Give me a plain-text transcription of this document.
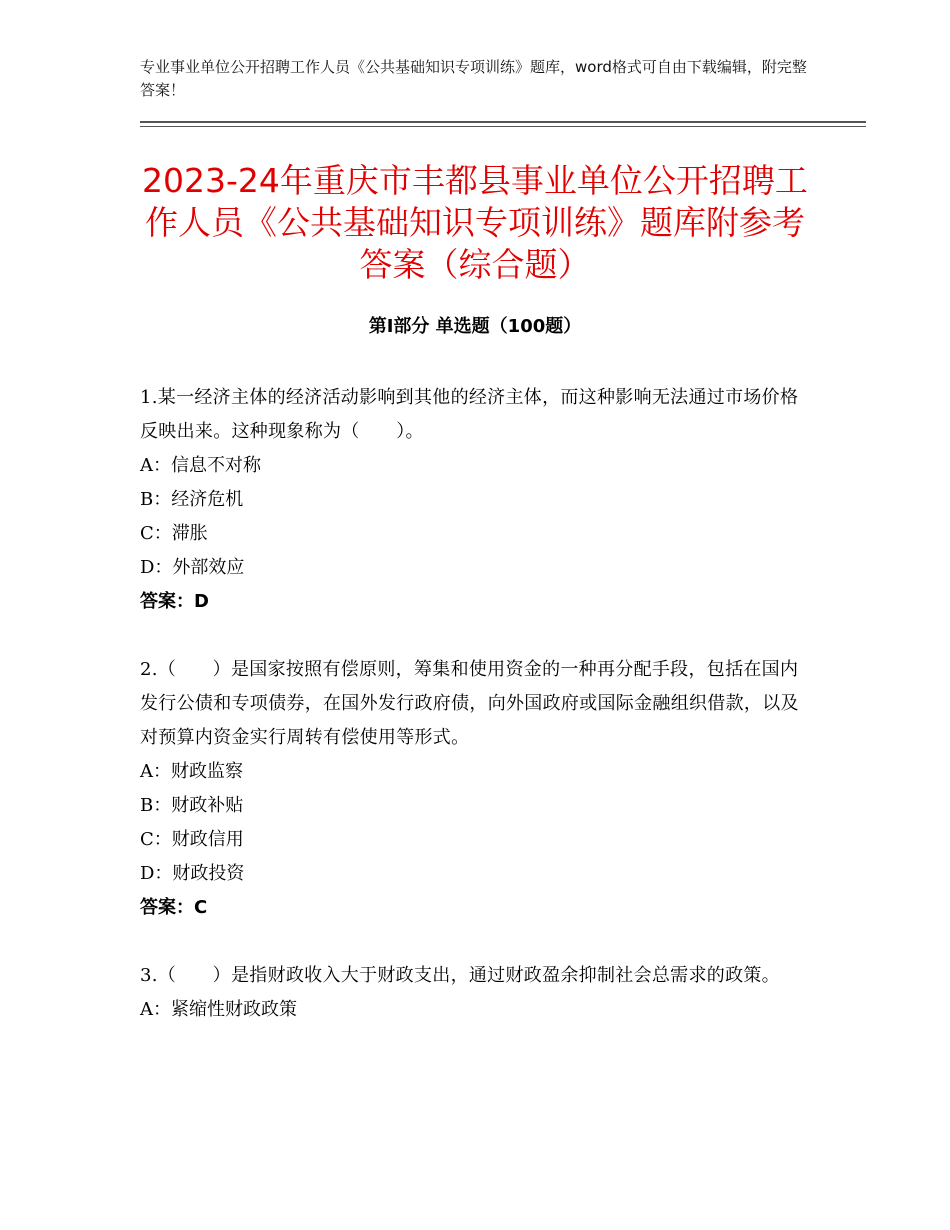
专业事业单位公开招聘工作人员《公共基础知识专项训练》题库，word格式可自由下载编辑，附完整答案！
2023-24年重庆市丰都县事业单位公开招聘工作人员《公共基础知识专项训练》题库附参考答案（综合题）
第Ⅰ部分 单选题（100题）

1.某一经济主体的经济活动影响到其他的经济主体，而这种影响无法通过市场价格反映出来。这种现象称为（　　）。

A：信息不对称

B：经济危机

C：滞胀

D：外部效应

答案：D

2.（　　）是国家按照有偿原则，筹集和使用资金的一种再分配手段，包括在国内发行公债和专项债券，在国外发行政府债，向外国政府或国际金融组织借款，以及对预算内资金实行周转有偿使用等形式。

A：财政监察

B：财政补贴

C：财政信用

D：财政投资

答案：C

3.（　　）是指财政收入大于财政支出，通过财政盈余抑制社会总需求的政策。

A：紧缩性财政政策
